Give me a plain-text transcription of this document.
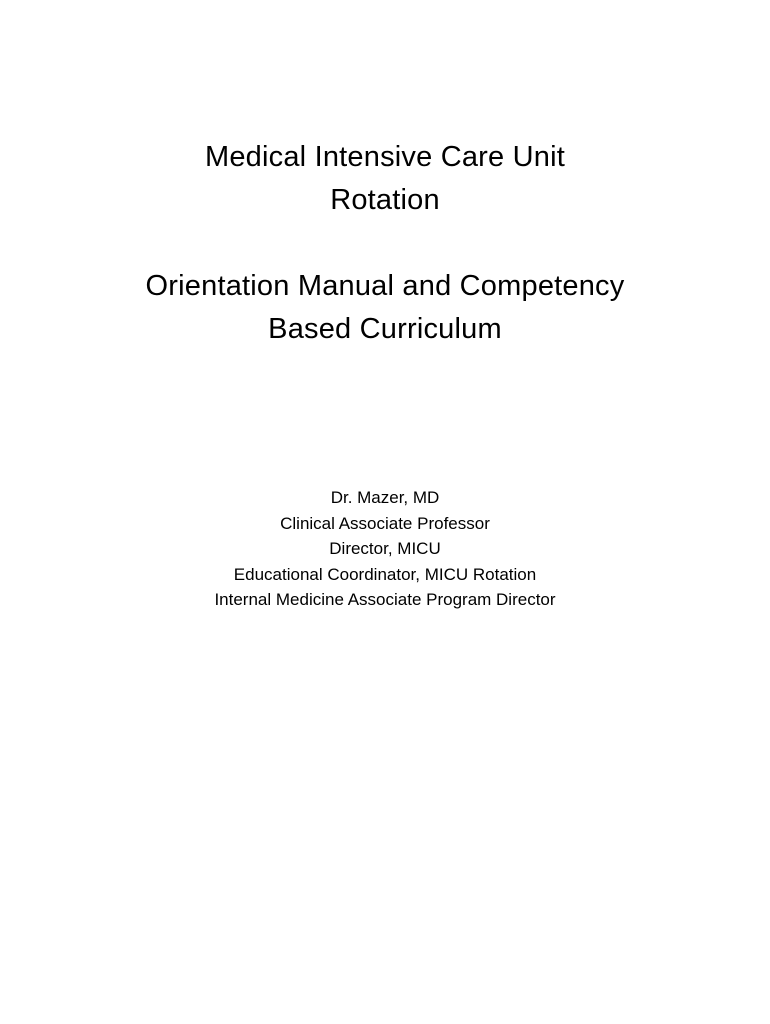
Medical Intensive Care Unit
Rotation
Orientation Manual and Competency
Based Curriculum
Dr. Mazer, MD
Clinical Associate Professor
Director, MICU
Educational Coordinator, MICU Rotation
Internal Medicine Associate Program Director
